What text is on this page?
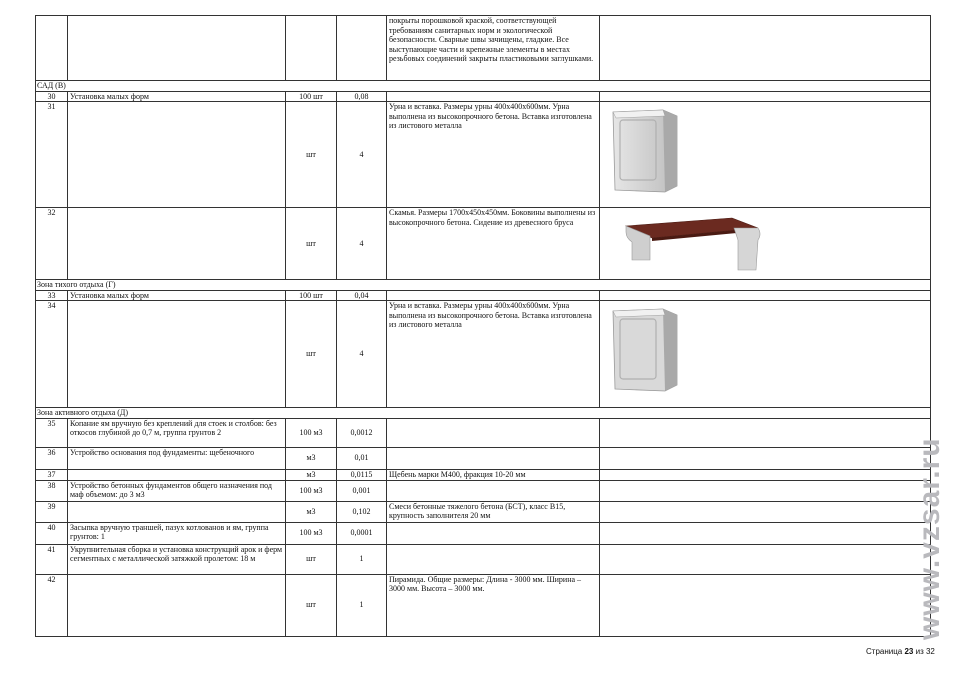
				покрыты порошковой краской, соответствующей требованиям санитарных норм и экологической безопасности. Сварные швы зачищены, гладкие. Все выступающие части и крепежные элементы в местах резьбовых соединений закрыты пластиковыми заглушками.	
САД (В)					
30	Установка малых форм	100 шт	0,08		
31		шт	4	Урна и вставка. Размеры урны 400х400х600мм. Урна выполнена из высокопрочного бетона. Вставка изготовлена из листового металла	

32		шт	4	Скамья. Размеры 1700х450х450мм. Боковины выполнены из высокопрочного бетона. Сидение из древесного бруса	

Зона тихого отдыха (Г)					
33	Установка малых форм	100 шт	0,04		
34		шт	4	Урна и вставка. Размеры урны 400х400х600мм. Урна выполнена из высокопрочного бетона. Вставка изготовлена из листового металла	

Зона активного отдыха (Д)					
35	Копание ям вручную без креплений для стоек и столбов: без откосов глубиной до 0,7 м, группа грунтов 2	100 м3	0,0012		
36	Устройство основания под фундаменты: щебеночного	м3	0,01		
37		м3	0,0115	Щебень марки М400, фракция 10-20 мм	
38	Устройство бетонных фундаментов общего назначения под маф объемом: до 3 м3	100 м3	0,001		
39		м3	0,102	Смеси бетонные тяжелого бетона (БСТ), класс В15, крупность заполнителя 20 мм	
40	Засыпка вручную траншей, пазух котлованов и ям, группа грунтов: 1	100 м3	0,0001		
41	Укрупнительная сборка и установка конструкций арок и ферм сегментных с металлической затяжкой пролетом: 18 м	шт	1		
42		шт	1	Пирамида. Общие размеры: Длина - 3000 мм. Ширина – 3000 мм. Высота – 3000 мм.	
Страница 23 из 32
www.vzsar.ru
